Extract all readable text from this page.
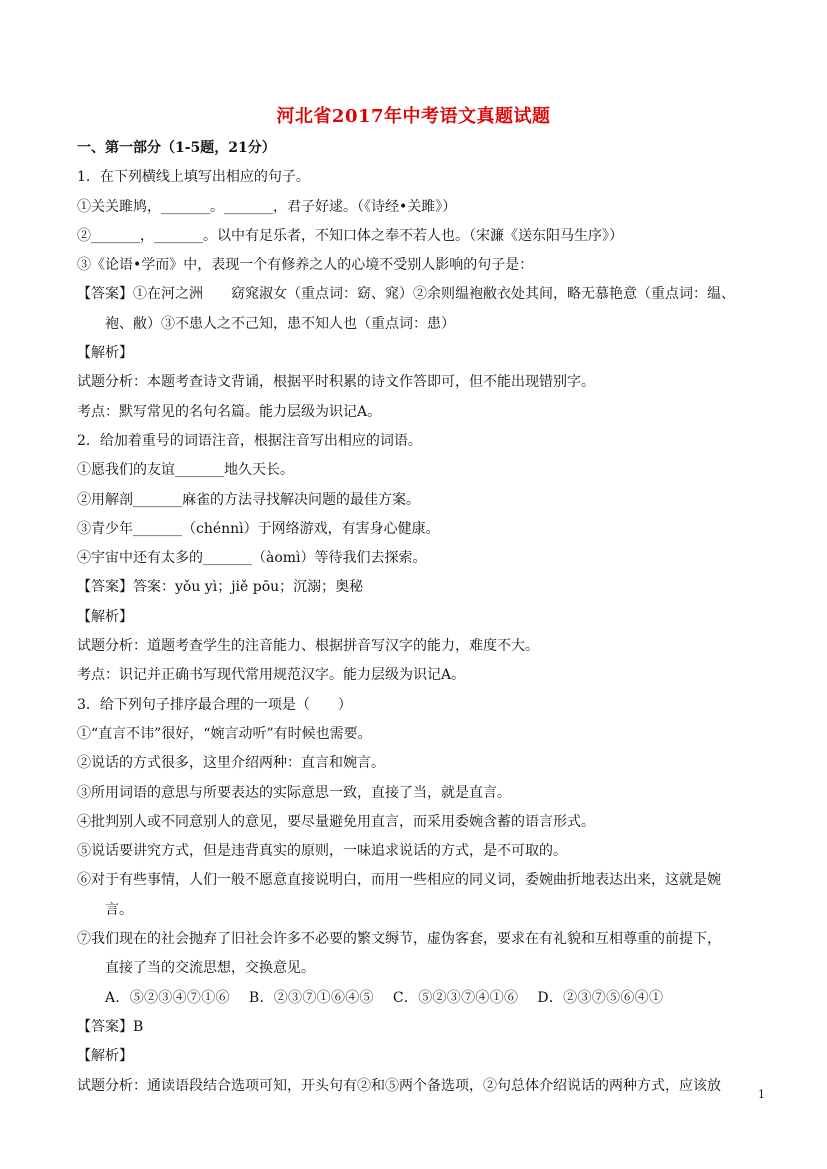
河北省2017年中考语文真题试题
一、第一部分（1-5题，21分）
1．在下列横线上填写出相应的句子。
①关关雎鸠，_______。_______，君子好逑。（《诗经•关雎》）
②_______，_______。以中有足乐者，不知口体之奉不若人也。（宋濂《送东阳马生序》）
③《论语•学而》中，表现一个有修养之人的心境不受别人影响的句子是：
【答案】①在河之洲　　窈窕淑女（重点词：窈、窕）②余则缊袍敝衣处其间，略无慕艳意（重点词：缊、
袍、敝）③不患人之不己知，患不知人也（重点词：患）
【解析】
试题分析：本题考查诗文背诵，根据平时积累的诗文作答即可，但不能出现错别字。
考点：默写常见的名句名篇。能力层级为识记A。
2．给加着重号的词语注音，根据注音写出相应的词语。
①愿我们的友谊_______地久天长。
②用解剖_______麻雀的方法寻找解决问题的最佳方案。
③青少年_______（chénnì）于网络游戏，有害身心健康。
④宇宙中还有太多的_______（àomì）等待我们去探索。
【答案】答案：yǒu yì；jiě pōu；沉溺；奥秘
【解析】
试题分析：道题考查学生的注音能力、根据拼音写汉字的能力，难度不大。
考点：识记并正确书写现代常用规范汉字。能力层级为识记A。
3．给下列句子排序最合理的一项是（　　）
①“直言不讳”很好，“婉言动听”有时候也需要。
②说话的方式很多，这里介绍两种：直言和婉言。
③所用词语的意思与所要表达的实际意思一致，直接了当，就是直言。
④批判别人或不同意别人的意见，要尽量避免用直言，而采用委婉含蓄的语言形式。
⑤说话要讲究方式，但是违背真实的原则，一味追求说话的方式，是不可取的。
⑥对于有些事情，人们一般不愿意直接说明白，而用一些相应的同义词，委婉曲折地表达出来，这就是婉
言。
⑦我们现在的社会抛弃了旧社会许多不必要的繁文缛节，虚伪客套，要求在有礼貌和互相尊重的前提下，
直接了当的交流思想，交换意见。
A．⑤②③④⑦①⑥　 B．②③⑦①⑥④⑤　 C．⑤②③⑦④①⑥　 D．②③⑦⑤⑥④①
【答案】B
【解析】
试题分析：通读语段结合选项可知，开头句有②和⑤两个备选项，②句总体介绍说话的两种方式，应该放
1
